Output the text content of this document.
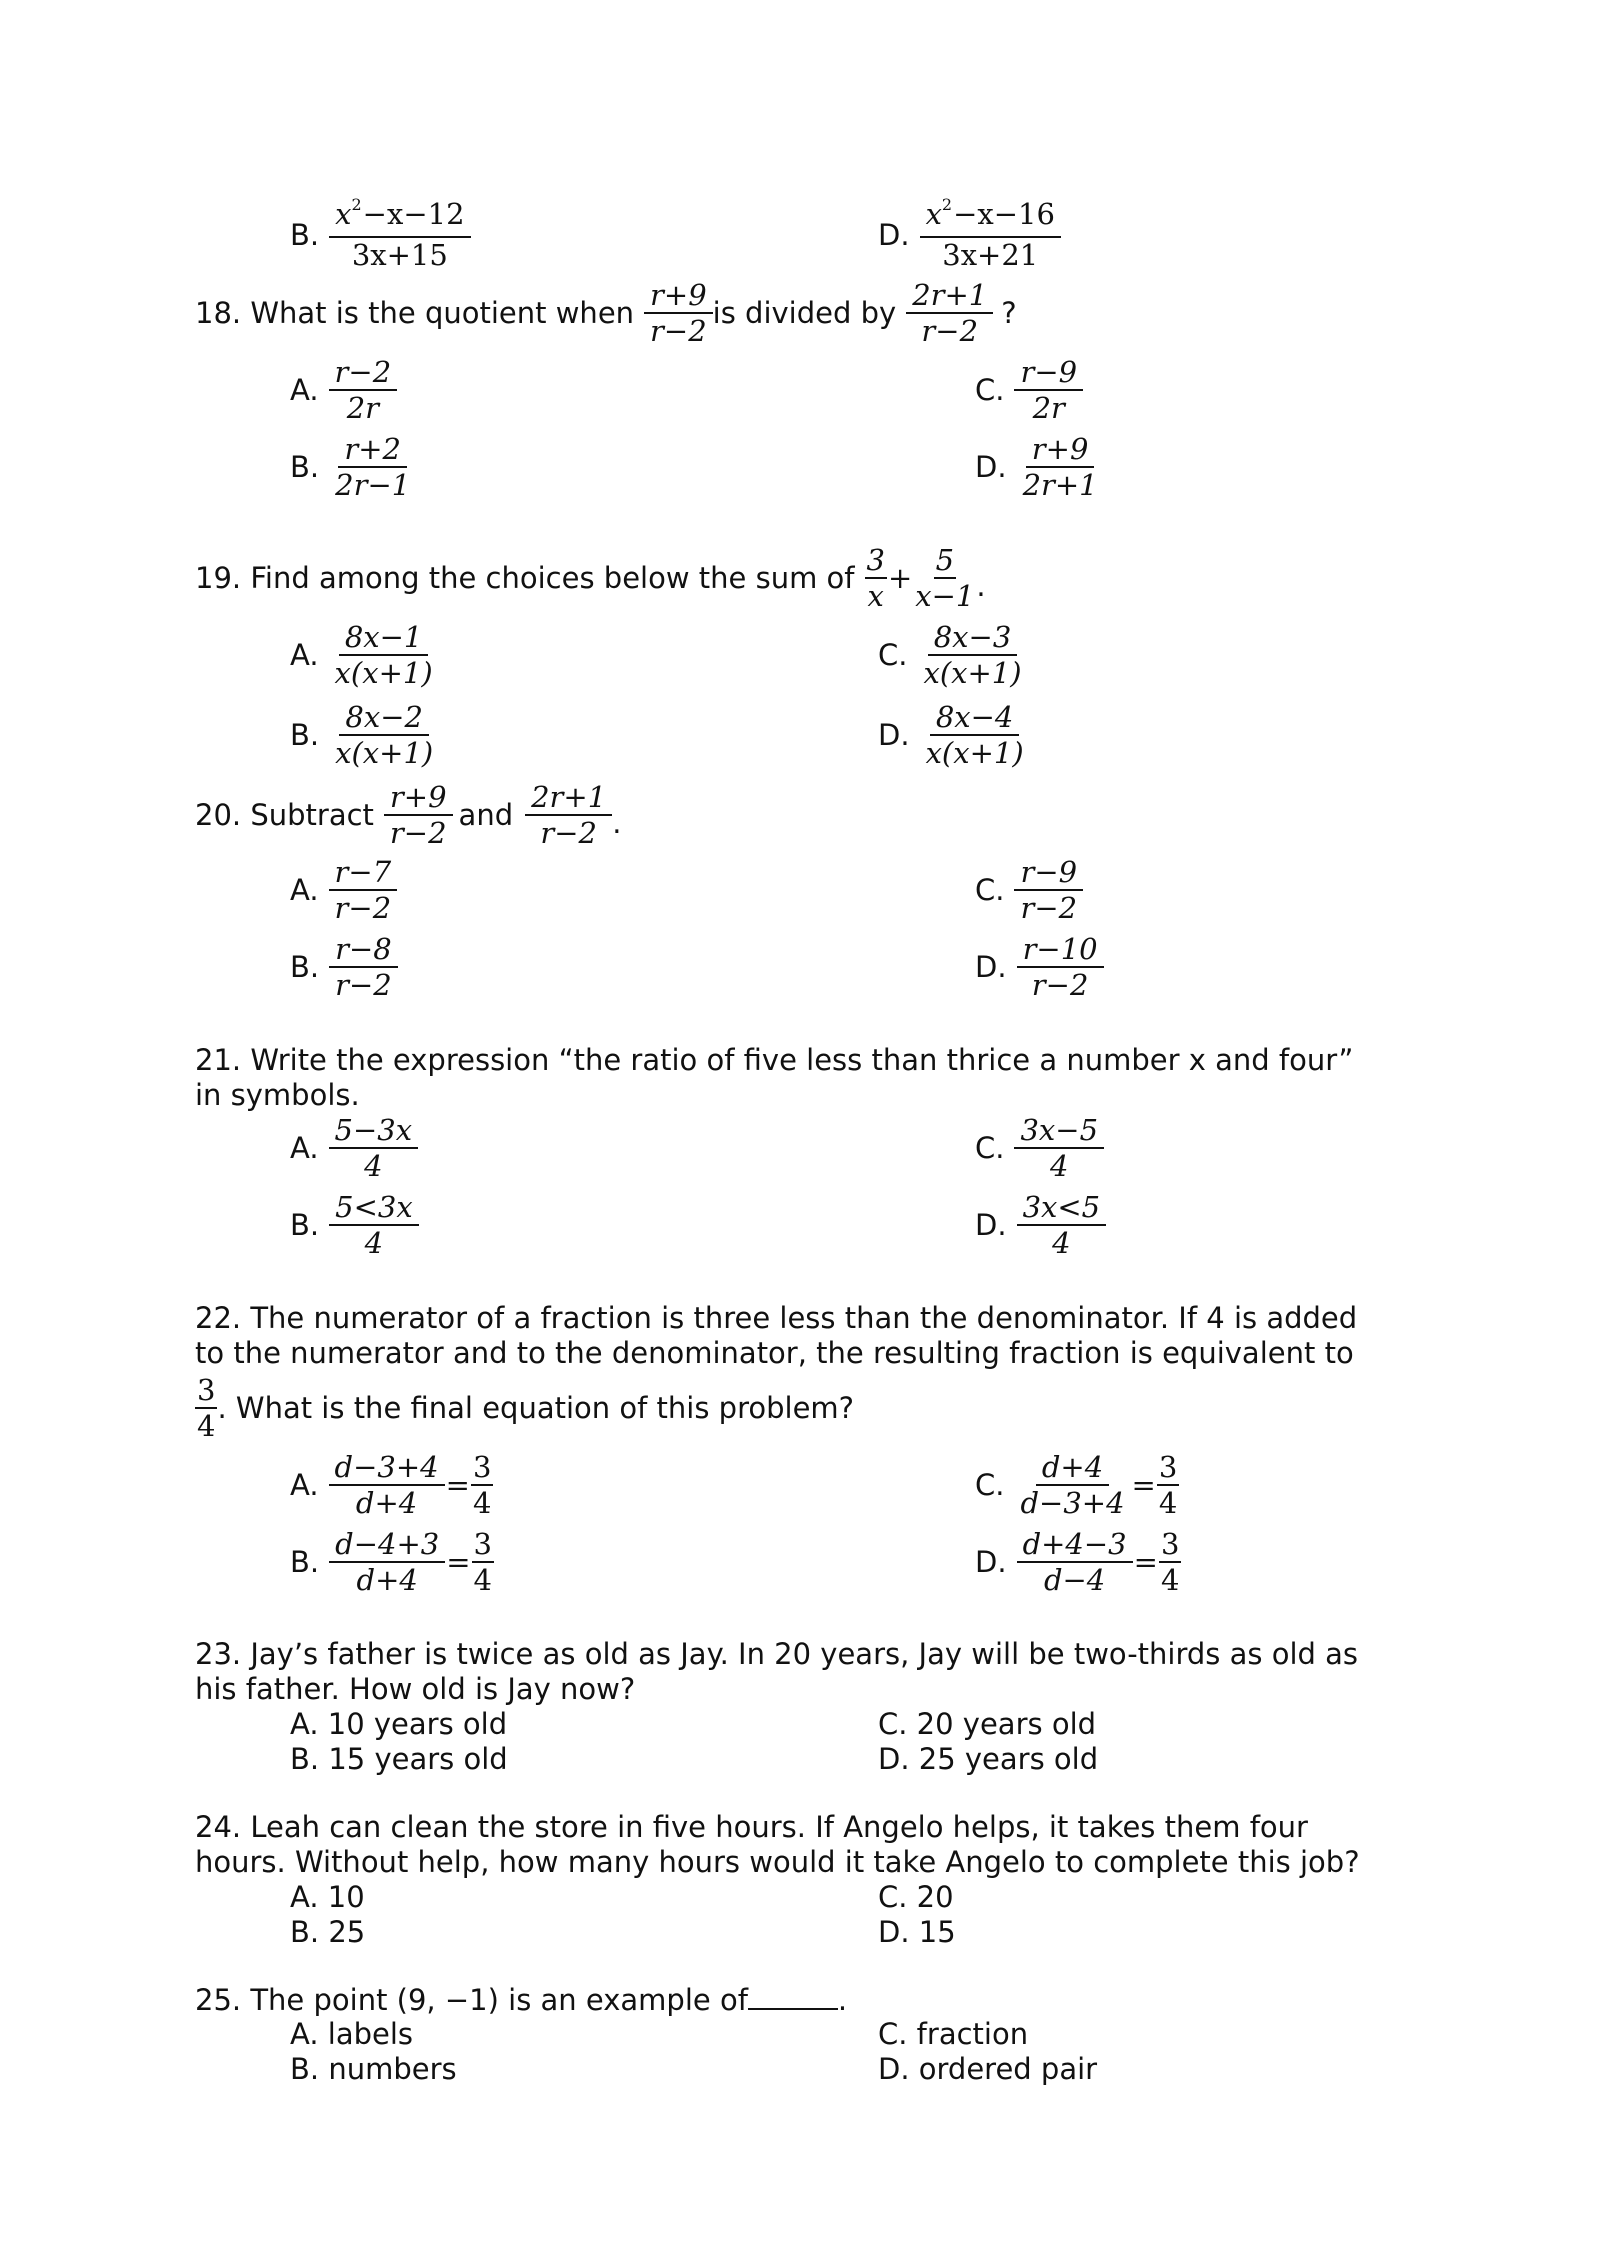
B. $\frac{x^2-x-12}{3x+15}$	D. $\frac{x^2-x-16}{3x+21}$
18. What is the quotient when $\frac{r+9}{r-2}$ is divided by $\frac{2r+1}{r-2}$ ?
A. $\frac{r-2}{2r}$
B. $\frac{r+2}{2r-1}$
C. $\frac{r-9}{2r}$
D. $\frac{r+9}{2r+1}$
19. Find among the choices below the sum of $\frac{3}{x} + \frac{5}{x-1}$ .
A. $\frac{8x-1}{x(x+1)}$
B. $\frac{8x-2}{x(x+1)}$
C. $\frac{8x-3}{x(x+1)}$
D. $\frac{8x-4}{x(x+1)}$
20. Subtract $\frac{r+9}{r-2}$ and $\frac{2r+1}{r-2}$ .
A. $\frac{r-7}{r-2}$
B. $\frac{r-8}{r-2}$
C. $\frac{r-9}{r-2}$
D. $\frac{r-10}{r-2}$
21. Write the expression “the ratio of five less than thrice a number x and four”
in symbols.
A. $\frac{5-3x}{4}$
B. $\frac{5<3x}{4}$
C. $\frac{3x-5}{4}$
D. $\frac{3x<5}{4}$
22. The numerator of a fraction is three less than the denominator. If 4 is added
to the numerator and to the denominator, the resulting fraction is equivalent to
$\frac{3}{4}$ . What is the final equation of this problem?
A. $\frac{d-3+4}{d+4} = \frac{3}{4}$
B. $\frac{d-4+3}{d+4} = \frac{3}{4}$
C. $\frac{d+4}{d-3+4} = \frac{3}{4}$
D. $\frac{d+4-3}{d-4} = \frac{3}{4}$
23. Jay’s father is twice as old as Jay. In 20 years, Jay will be two-thirds as old as
his father. How old is Jay now?
A. 10 years old
B. 15 years old
C. 20 years old
D. 25 years old
24. Leah can clean the store in five hours. If Angelo helps, it takes them four
hours. Without help, how many hours would it take Angelo to complete this job?
A. 10
B. 25
C. 20
D. 15
25. The point (9, −1) is an example of	.
A. labels
B. numbers
C. fraction
D. ordered pair
